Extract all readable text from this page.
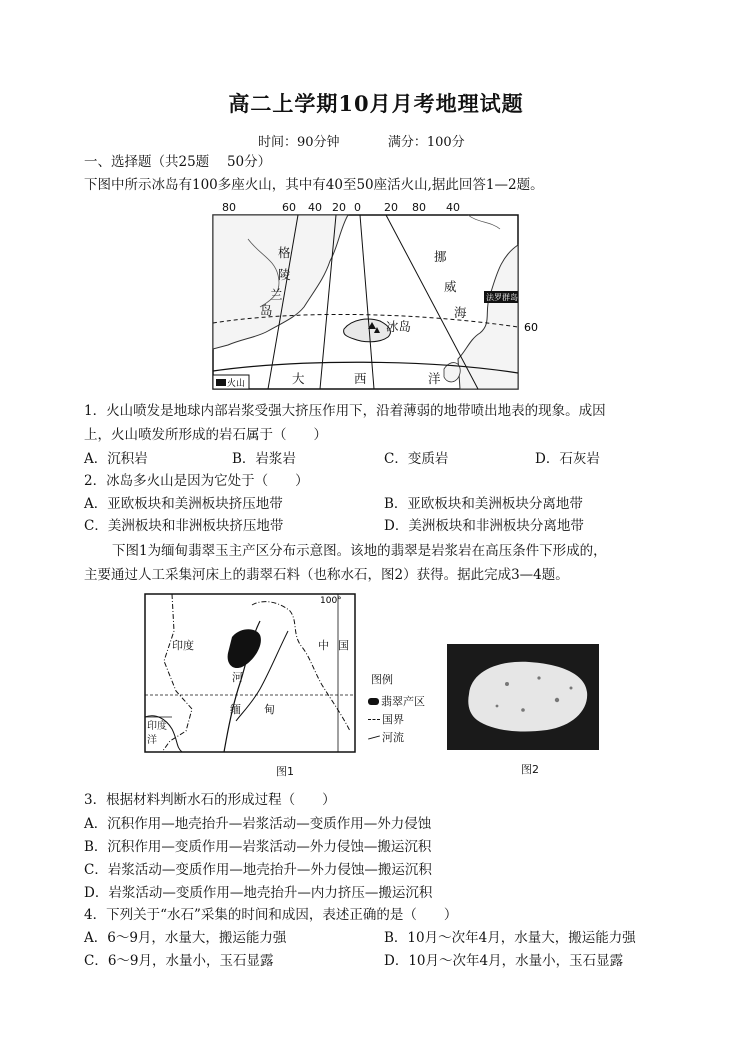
高二上学期10月月考地理试题
时间：90分钟	满分：100分
一、选择题（共25题　 50分）
下图中所示冰岛有100多座火山，其中有40至50座活火山,据此回答1—2题。
80	60 40 20 0 20 80 40
60
格
陵
兰
岛
挪
威
海
冰岛
大	西	洋
法罗群岛
火山
1．火山喷发是地球内部岩浆受强大挤压作用下，沿着薄弱的地带喷出地表的现象。成因
上，火山喷发所形成的岩石属于（　　）
A．沉积岩	B．岩浆岩	C．变质岩	D．石灰岩
2．冰岛多火山是因为它处于（　　）
A．亚欧板块和美洲板块挤压地带	B．亚欧板块和美洲板块分离地带
C．美洲板块和非洲板块挤压地带	D．美洲板块和非洲板块分离地带
下图1为缅甸翡翠玉主产区分布示意图。该地的翡翠是岩浆岩在高压条件下形成的，
主要通过人工采集河床上的翡翠石料（也称水石，图2）获得。据此完成3—4题。
100°
印度	中 国
河
缅 甸
印度
洋
图1
图例
翡翠产区
国界
河流
图2
3．根据材料判断水石的形成过程（　　）
A．沉积作用—地壳抬升—岩浆活动—变质作用—外力侵蚀
B．沉积作用—变质作用—岩浆活动—外力侵蚀—搬运沉积
C．岩浆活动—变质作用—地壳抬升—外力侵蚀—搬运沉积
D．岩浆活动—变质作用—地壳抬升—内力挤压—搬运沉积
4．下列关于“水石”采集的时间和成因，表述正确的是（　　）
A．6～9月，水量大，搬运能力强	B．10月～次年4月，水量大，搬运能力强
C．6～9月，水量小，玉石显露	D．10月～次年4月，水量小，玉石显露
